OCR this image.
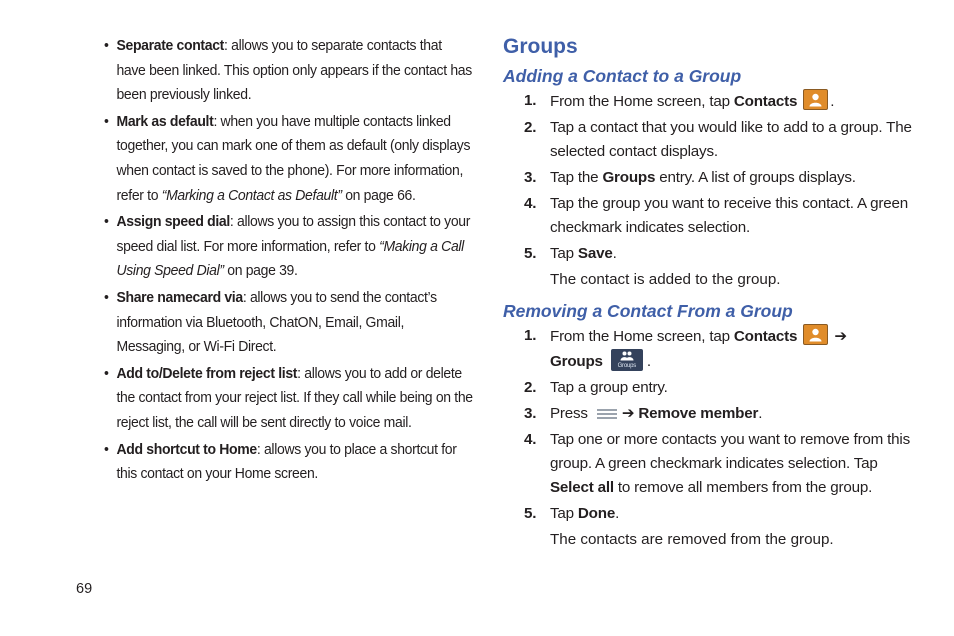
• Separate contact: allows you to separate contacts that have been linked. This option only appears if the contact has been previously linked.
• Mark as default: when you have multiple contacts linked together, you can mark one of them as default (only displays when contact is saved to the phone). For more information, refer to “Marking a Contact as Default” on page 66.
• Assign speed dial: allows you to assign this contact to your speed dial list. For more information, refer to “Making a Call Using Speed Dial” on page 39.
• Share namecard via: allows you to send the contact’s information via Bluetooth, ChatON, Email, Gmail, Messaging, or Wi-Fi Direct.
• Add to/Delete from reject list: allows you to add or delete the contact from your reject list. If they call while being on the reject list, the call will be sent directly to voice mail.
• Add shortcut to Home: allows you to place a shortcut for this contact on your Home screen.
Groups
Adding a Contact to a Group
1. From the Home screen, tap Contacts .
2. Tap a contact that you would like to add to a group. The selected contact displays.
3. Tap the Groups entry. A list of groups displays.
4. Tap the group you want to receive this contact. A green checkmark indicates selection.
5. Tap Save.
The contact is added to the group.
Removing a Contact From a Group
1. From the Home screen, tap Contacts
➔
Groups	Groups .
2. Tap a group entry.
3. Press
➔ Remove member.
4. Tap one or more contacts you want to remove from this group. A green checkmark indicates selection. Tap Select all to remove all members from the group.
5. Tap Done.
The contacts are removed from the group.
69
